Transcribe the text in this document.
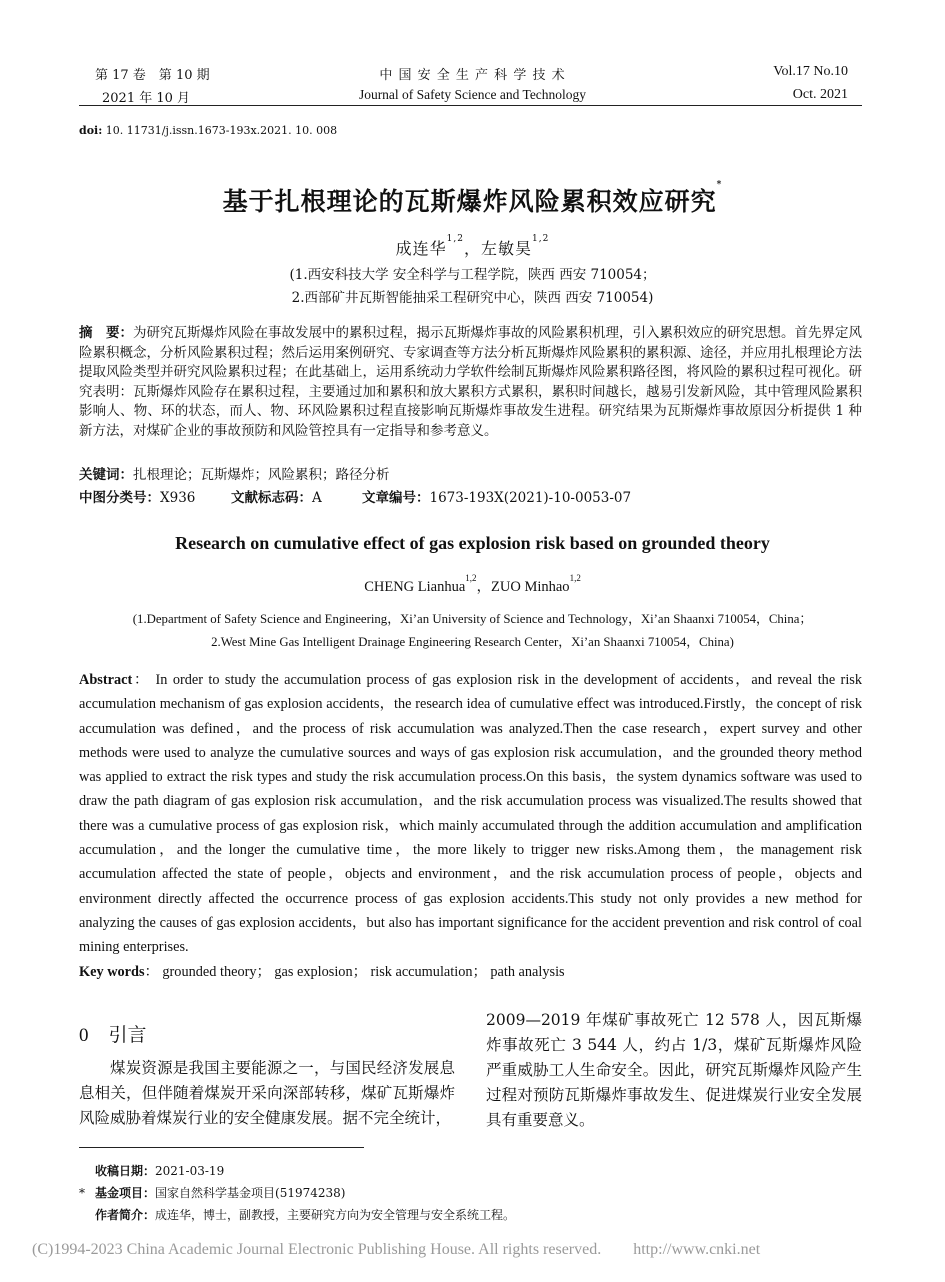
第 17 卷　第 10 期
2021 年 10 月
中 国 安 全 生 产 科 学 技 术
Journal of Safety Science and Technology
Vol.17 No.10
Oct. 2021
doi: 10. 11731/j.issn.1673-193x.2021. 10. 008
基于扎根理论的瓦斯爆炸风险累积效应研究*
成连华$^{1,2}$，左敏昊$^{1,2}$
(1.西安科技大学 安全科学与工程学院，陕西 西安 710054；
2.西部矿井瓦斯智能抽采工程研究中心，陕西 西安 710054)
摘　要：为研究瓦斯爆炸风险在事故发展中的累积过程，揭示瓦斯爆炸事故的风险累积机理，引入累积效应的研究思想。首先界定风险累积概念，分析风险累积过程；然后运用案例研究、专家调查等方法分析瓦斯爆炸风险累积的累积源、途径，并应用扎根理论方法提取风险类型并研究风险累积过程；在此基础上，运用系统动力学软件绘制瓦斯爆炸风险累积路径图，将风险的累积过程可视化。研究表明：瓦斯爆炸风险存在累积过程，主要通过加和累积和放大累积方式累积，累积时间越长，越易引发新风险，其中管理风险累积影响人、物、环的状态，而人、物、环风险累积过程直接影响瓦斯爆炸事故发生进程。研究结果为瓦斯爆炸事故原因分析提供 1 种新方法，对煤矿企业的事故预防和风险管控具有一定指导和参考意义。
关键词：扎根理论；瓦斯爆炸；风险累积；路径分析
中图分类号：X936	文献标志码：A	文章编号：1673-193X(2021)-10-0053-07
Research on cumulative effect of gas explosion risk based on grounded theory
CHENG Lianhua$^{1,2}$，ZUO Minhao$^{1,2}$
(1.Department of Safety Science and Engineering，Xi’an University of Science and Technology，Xi’an Shaanxi 710054，China；
2.West Mine Gas Intelligent Drainage Engineering Research Center，Xi’an Shaanxi 710054，China)
Abstract： In order to study the accumulation process of gas explosion risk in the development of accidents，and reveal the risk accumulation mechanism of gas explosion accidents，the research idea of cumulative effect was introduced.Firstly，the concept of risk accumulation was defined，and the process of risk accumulation was analyzed.Then the case research，expert survey and other methods were used to analyze the cumulative sources and ways of gas explosion risk accumulation，and the grounded theory method was applied to extract the risk types and study the risk accumulation process.On this basis，the system dynamics software was used to draw the path diagram of gas explosion risk accumulation，and the risk accumulation process was visualized.The results showed that there was a cumulative process of gas explosion risk，which mainly accumulated through the addition accumulation and amplification accumulation，and the longer the cumulative time，the more likely to trigger new risks.Among them，the management risk accumulation affected the state of people，objects and environment，and the risk accumulation process of people，objects and environment directly affected the occurrence process of gas explosion accidents.This study not only provides a new method for analyzing the causes of gas explosion accidents，but also has important significance for the accident prevention and risk control of coal mining enterprises.
Key words： grounded theory； gas explosion； risk accumulation； path analysis
0 引言
煤炭资源是我国主要能源之一，与国民经济发展息息相关，但伴随着煤炭开采向深部转移，煤矿瓦斯爆炸风险威胁着煤炭行业的安全健康发展。据不完全统计，
2009—2019 年煤矿事故死亡 12 578 人，因瓦斯爆炸事故死亡 3 544 人，约占 1/3，煤矿瓦斯爆炸风险严重威胁工人生命安全。因此，研究瓦斯爆炸风险产生过程对预防瓦斯爆炸事故发生、促进煤炭行业安全发展具有重要意义。
收稿日期：2021-03-19
* 基金项目：国家自然科学基金项目(51974238)
作者简介：成连华，博士，副教授，主要研究方向为安全管理与安全系统工程。
(C)1994-2023 China Academic Journal Electronic Publishing House. All rights reserved.　　http://www.cnki.net
